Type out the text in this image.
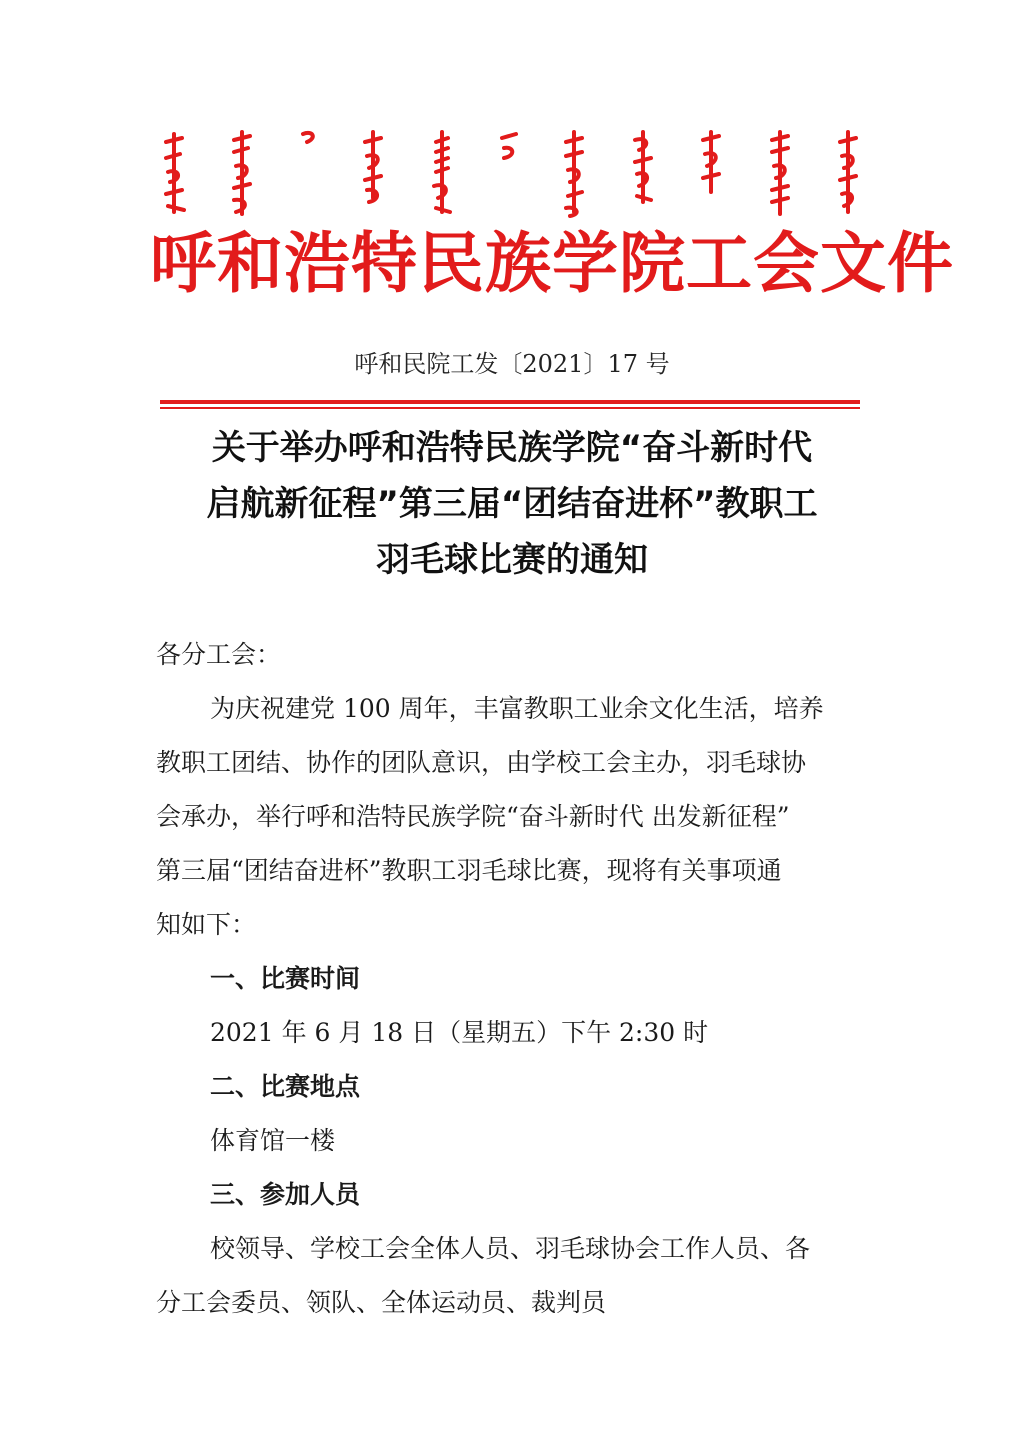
呼和浩特民族学院工会文件
呼和民院工发〔2021〕17 号
关于举办呼和浩特民族学院“奋斗新时代
启航新征程”第三届“团结奋进杯”教职工
羽毛球比赛的通知
各分工会：
为庆祝建党 100 周年，丰富教职工业余文化生活，培养
教职工团结、协作的团队意识，由学校工会主办，羽毛球协
会承办，举行呼和浩特民族学院“奋斗新时代 出发新征程”
第三届“团结奋进杯”教职工羽毛球比赛，现将有关事项通
知如下：
一、比赛时间
2021 年 6 月 18 日（星期五）下午 2:30 时
二、比赛地点
体育馆一楼
三、参加人员
校领导、学校工会全体人员、羽毛球协会工作人员、各
分工会委员、领队、全体运动员、裁判员
